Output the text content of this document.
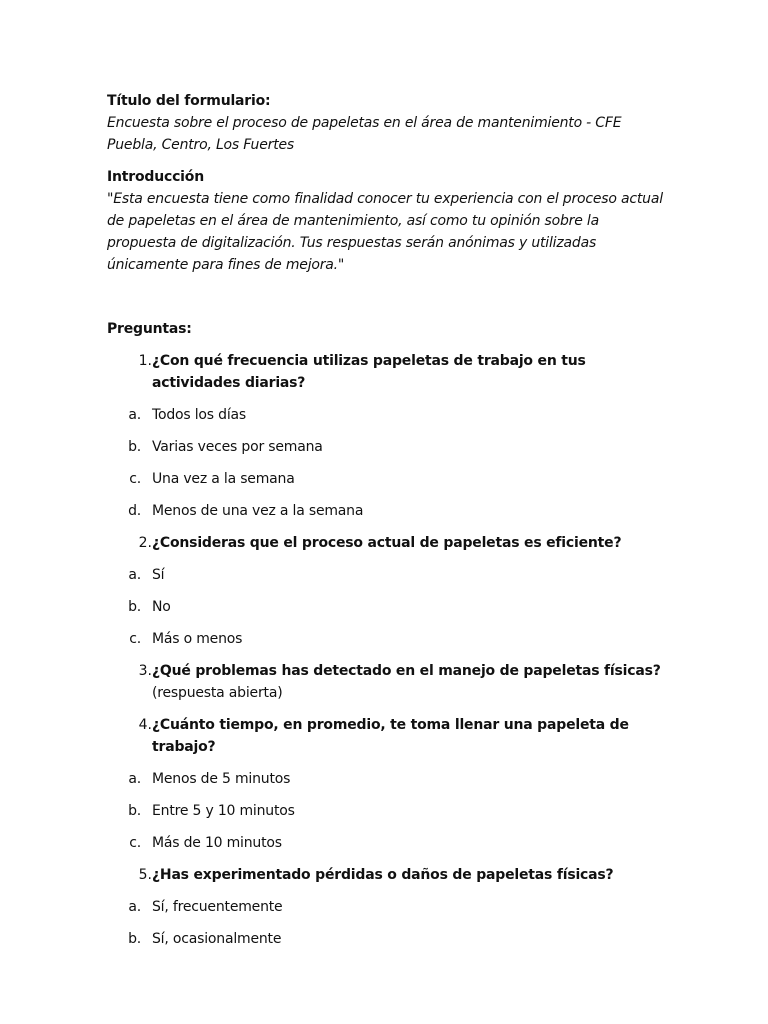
Título del formulario:
Encuesta sobre el proceso de papeletas en el área de mantenimiento - CFE Puebla, Centro, Los Fuertes
Introducción
"Esta encuesta tiene como finalidad conocer tu experiencia con el proceso actual de papeletas en el área de mantenimiento, así como tu opinión sobre la propuesta de digitalización. Tus respuestas serán anónimas y utilizadas únicamente para fines de mejora."
Preguntas:
1. ¿Con qué frecuencia utilizas papeletas de trabajo en tus actividades diarias?
a. Todos los días
b. Varias veces por semana
c. Una vez a la semana
d. Menos de una vez a la semana
2. ¿Consideras que el proceso actual de papeletas es eficiente?
a. Sí
b. No
c. Más o menos
3. ¿Qué problemas has detectado en el manejo de papeletas físicas?
(respuesta abierta)
4. ¿Cuánto tiempo, en promedio, te toma llenar una papeleta de trabajo?
a. Menos de 5 minutos
b. Entre 5 y 10 minutos
c. Más de 10 minutos
5. ¿Has experimentado pérdidas o daños de papeletas físicas?
a. Sí, frecuentemente
b. Sí, ocasionalmente
